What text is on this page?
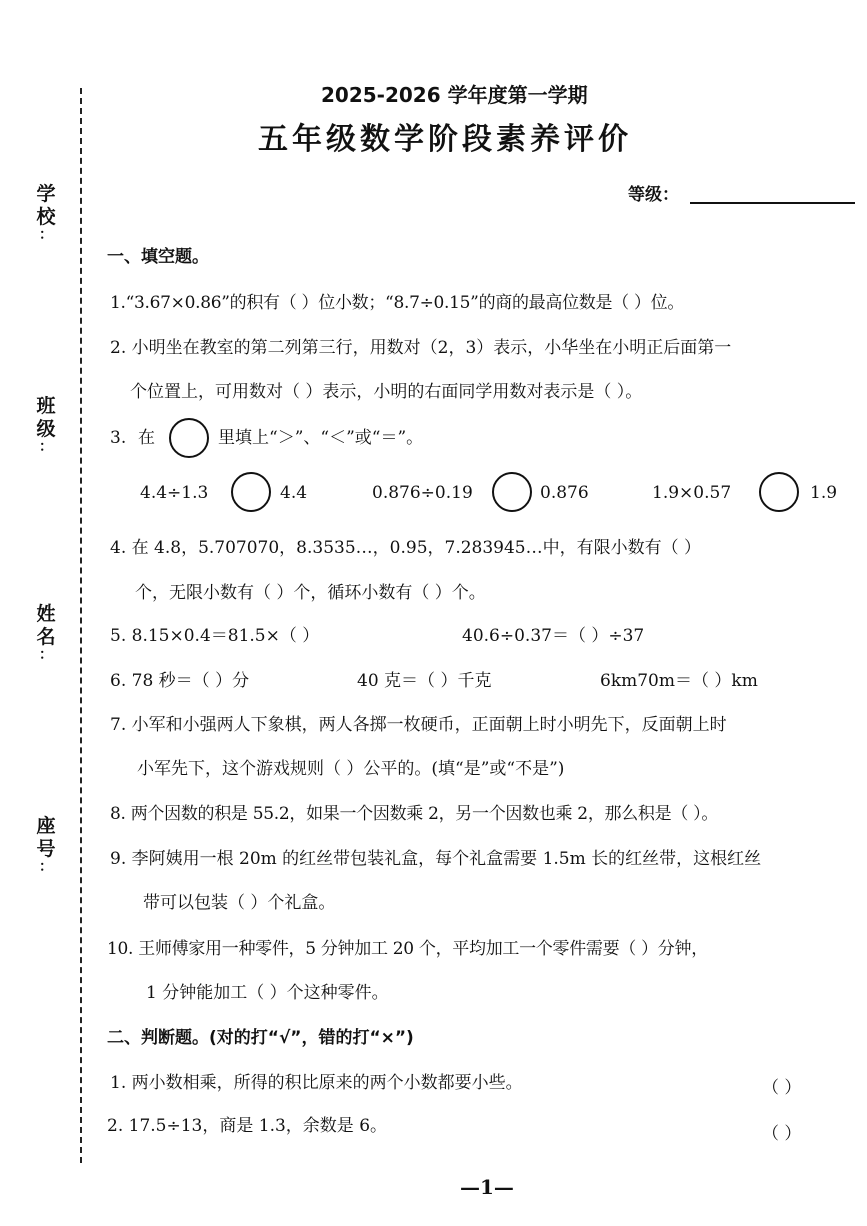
学
校
：
班
级
：
姓
名
：
座
号
：
2025-2026 学年度第一学期
五年级数学阶段素养评价
等级：
一、填空题。
1.“3.67×0.86”的积有（ ）位小数；“8.7÷0.15”的商的最高位数是（ ）位。
2. 小明坐在教室的第二列第三行，用数对（2，3）表示，小华坐在小明正后面第一
个位置上，可用数对（ ）表示，小明的右面同学用数对表示是（ ）。
3. 在	里填上“＞”、“＜”或“＝”。
4.4÷1.3	4.4	0.876÷0.19	0.876	1.9×0.57	1.9
4. 在 4.8，5.707070，8.3535…，0.95，7.283945…中，有限小数有（ ）
个，无限小数有（ ）个，循环小数有（ ）个。
5. 8.15×0.4＝81.5×（ ）	40.6÷0.37＝（ ）÷37
6. 78 秒＝（ ）分	40 克＝（ ）千克	6km70m＝（ ）km
7. 小军和小强两人下象棋，两人各掷一枚硬币，正面朝上时小明先下，反面朝上时
小军先下，这个游戏规则（ ）公平的。(填“是”或“不是”)
8. 两个因数的积是 55.2，如果一个因数乘 2，另一个因数也乘 2，那么积是（ ）。
9. 李阿姨用一根 20m 的红丝带包装礼盒，每个礼盒需要 1.5m 长的红丝带，这根红丝
带可以包装（ ）个礼盒。
10. 王师傅家用一种零件，5 分钟加工 20 个，平均加工一个零件需要（ ）分钟，
1 分钟能加工（ ）个这种零件。
二、判断题。(对的打“√”，错的打“×”)
1. 两小数相乘，所得的积比原来的两个小数都要小些。	（ ）
2. 17.5÷13，商是 1.3，余数是 6。	（ ）
—1—
